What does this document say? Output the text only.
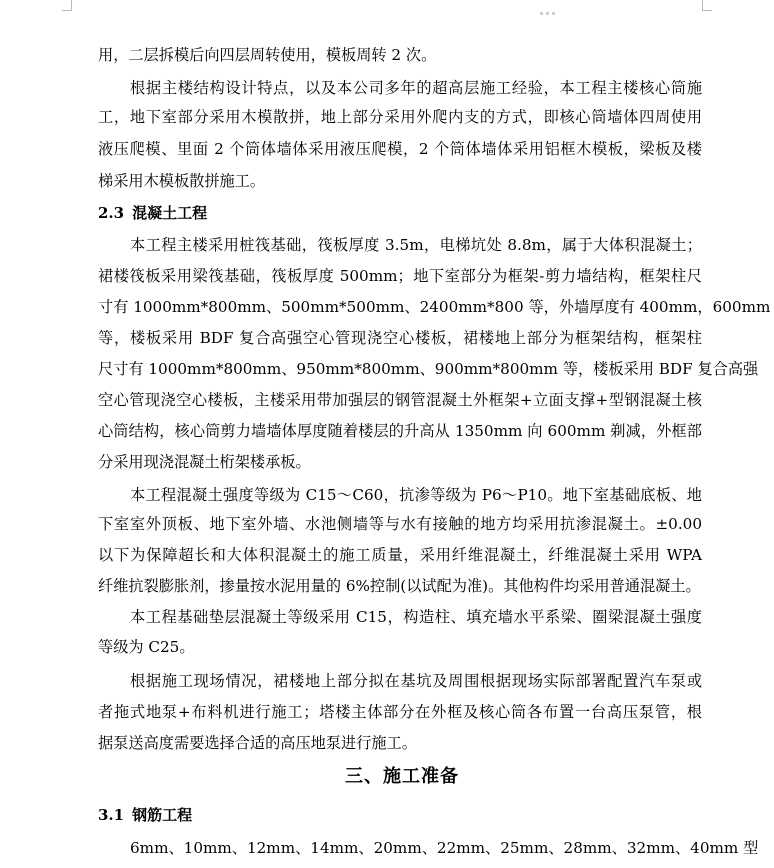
用，二层拆模后向四层周转使用，模板周转 2 次。
根据主楼结构设计特点，以及本公司多年的超高层施工经验，本工程主楼核心筒施
工，地下室部分采用木模散拼，地上部分采用外爬内支的方式，即核心筒墙体四周使用
液压爬模、里面 2 个筒体墙体采用液压爬模，2 个筒体墙体采用铝框木模板，梁板及楼
梯采用木模板散拼施工。
2.3 混凝土工程
本工程主楼采用桩筏基础，筏板厚度 3.5m，电梯坑处 8.8m，属于大体积混凝土；
裙楼筏板采用梁筏基础，筏板厚度 500mm；地下室部分为框架-剪力墙结构，框架柱尺
寸有 1000mm*800mm、500mm*500mm、2400mm*800 等，外墙厚度有 400mm，600mm
等，楼板采用 BDF 复合高强空心管现浇空心楼板，裙楼地上部分为框架结构，框架柱
尺寸有 1000mm*800mm、950mm*800mm、900mm*800mm 等，楼板采用 BDF 复合高强
空心管现浇空心楼板，主楼采用带加强层的钢管混凝土外框架+立面支撑+型钢混凝土核
心筒结构，核心筒剪力墙墙体厚度随着楼层的升高从 1350mm 向 600mm 剃减，外框部
分采用现浇混凝土桁架楼承板。
本工程混凝土强度等级为 C15～C60，抗渗等级为 P6～P10。地下室基础底板、地
下室室外顶板、地下室外墙、水池侧墙等与水有接触的地方均采用抗渗混凝土。±0.00
以下为保障超长和大体积混凝土的施工质量，采用纤维混凝土，纤维混凝土采用 WPA
纤维抗裂膨胀剂，掺量按水泥用量的 6%控制(以试配为准)。其他构件均采用普通混凝土。
本工程基础垫层混凝土等级采用 C15，构造柱、填充墙水平系梁、圈梁混凝土强度
等级为 C25。
根据施工现场情况，裙楼地上部分拟在基坑及周围根据现场实际部署配置汽车泵或
者拖式地泵+布料机进行施工；塔楼主体部分在外框及核心筒各布置一台高压泵管，根
据泵送高度需要选择合适的高压地泵进行施工。
三、施工准备
3.1 钢筋工程
6mm、10mm、12mm、14mm、20mm、22mm、25mm、28mm、32mm、40mm 型
